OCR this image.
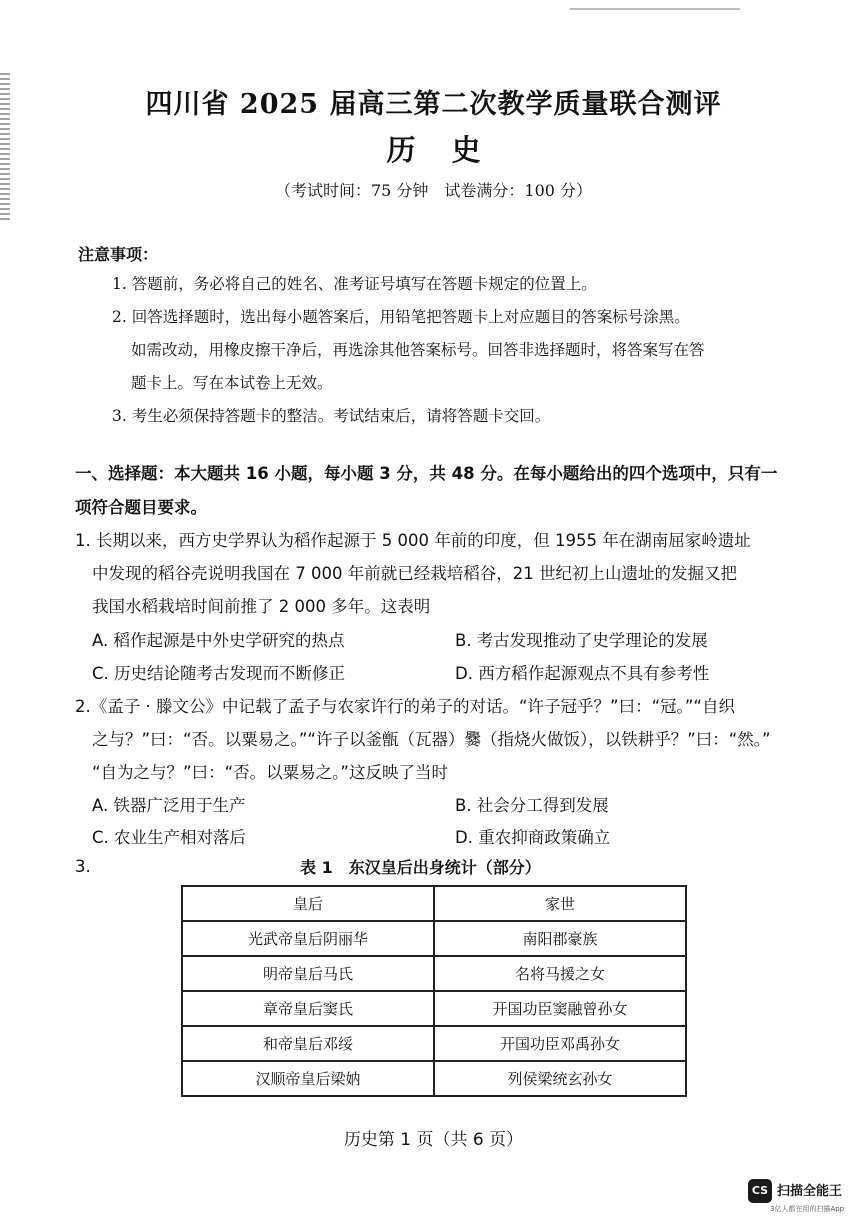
四川省 2025 届高三第二次教学质量联合测评
历史
（考试时间：75 分钟　试卷满分：100 分）
注意事项：
1. 答题前，务必将自己的姓名、准考证号填写在答题卡规定的位置上。
2. 回答选择题时，选出每小题答案后，用铅笔把答题卡上对应题目的答案标号涂黑。
如需改动，用橡皮擦干净后，再选涂其他答案标号。回答非选择题时，将答案写在答
题卡上。写在本试卷上无效。
3. 考生必须保持答题卡的整洁。考试结束后，请将答题卡交回。
一、选择题：本大题共 16 小题，每小题 3 分，共 48 分。在每小题给出的四个选项中，只有一
项符合题目要求。
1. 长期以来，西方史学界认为稻作起源于 5 000 年前的印度，但 1955 年在湖南屈家岭遗址
中发现的稻谷壳说明我国在 7 000 年前就已经栽培稻谷，21 世纪初上山遗址的发掘又把
我国水稻栽培时间前推了 2 000 多年。这表明
A. 稻作起源是中外史学研究的热点	B. 考古发现推动了史学理论的发展
C. 历史结论随考古发现而不断修正	D. 西方稻作起源观点不具有参考性
2.《孟子 · 滕文公》中记载了孟子与农家许行的弟子的对话。“许子冠乎？”曰：“冠。”“自织
之与？”曰：“否。以粟易之。”“许子以釜甑（瓦器）爨（指烧火做饭），以铁耕乎？”曰：“然。”
“自为之与？”曰：“否。以粟易之。”这反映了当时
A. 铁器广泛用于生产	B. 社会分工得到发展
C. 农业生产相对落后	D. 重农抑商政策确立
3.	表 1　东汉皇后出身统计（部分）
皇后	家世
光武帝皇后阴丽华	南阳郡豪族
明帝皇后马氏	名将马援之女
章帝皇后窦氏	开国功臣窦融曾孙女
和帝皇后邓绥	开国功臣邓禹孙女
汉顺帝皇后梁妠	列侯梁统玄孙女
历史第 1 页（共 6 页）
CS 扫描全能王
3亿人都在用的扫描App
